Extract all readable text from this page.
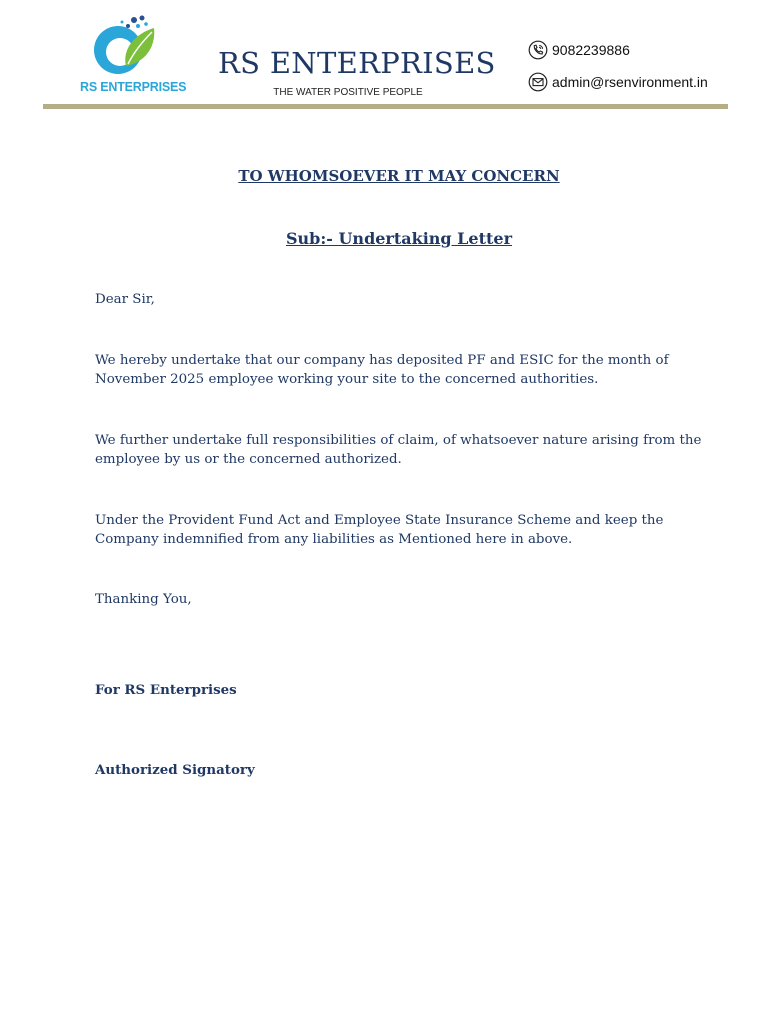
RS ENTERPRISES
RS ENTERPRISES
THE WATER POSITIVE PEOPLE
9082239886
admin@rsenvironment.in
TO WHOMSOEVER IT MAY CONCERN
Sub:- Undertaking Letter
Dear Sir,
We hereby undertake that our company has deposited PF and ESIC for the month of November 2025 employee working your site to the concerned authorities.
We further undertake full responsibilities of claim, of whatsoever nature arising from the employee by us or the concerned authorized.
Under the Provident Fund Act and Employee State Insurance Scheme and keep the Company indemnified from any liabilities as Mentioned here in above.
Thanking You,
For RS Enterprises
Authorized Signatory
